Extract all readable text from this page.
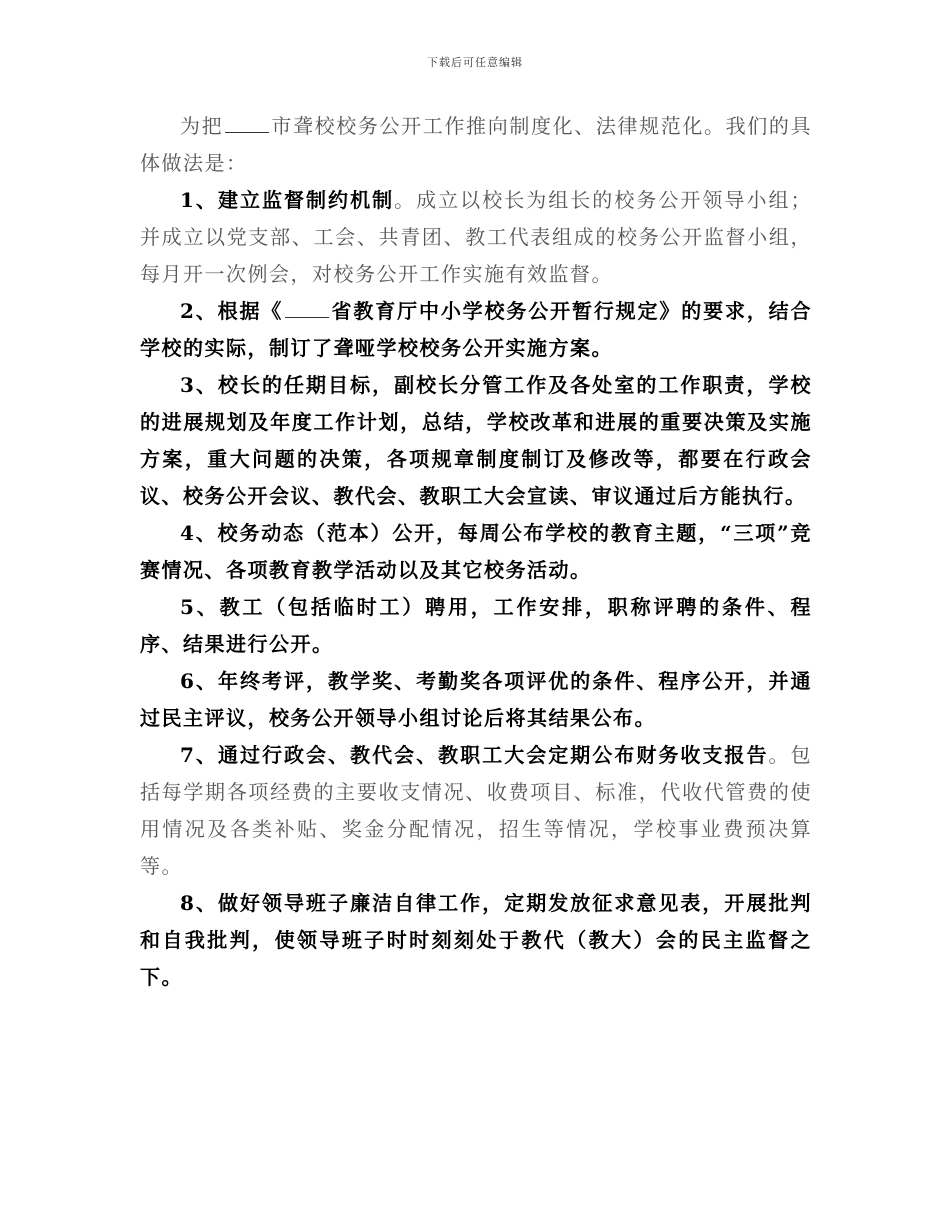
下载后可任意编辑

为把 市聋校校务公开工作推向制度化、法律规范化。我们的具体做法是：

1、建立监督制约机制。成立以校长为组长的校务公开领导小组；并成立以党支部、工会、共青团、教工代表组成的校务公开监督小组，每月开一次例会，对校务公开工作实施有效监督。

2、根据《 省教育厅中小学校务公开暂行规定》的要求，结合学校的实际，制订了聋哑学校校务公开实施方案。

3、校长的任期目标，副校长分管工作及各处室的工作职责，学校的进展规划及年度工作计划，总结，学校改革和进展的重要决策及实施方案，重大问题的决策，各项规章制度制订及修改等，都要在行政会议、校务公开会议、教代会、教职工大会宣读、审议通过后方能执行。

4、校务动态（范本）公开，每周公布学校的教育主题，“三项”竞赛情况、各项教育教学活动以及其它校务活动。

5、教工（包括临时工）聘用，工作安排，职称评聘的条件、程序、结果进行公开。

6、年终考评，教学奖、考勤奖各项评优的条件、程序公开，并通过民主评议，校务公开领导小组讨论后将其结果公布。

7、通过行政会、教代会、教职工大会定期公布财务收支报告。包括每学期各项经费的主要收支情况、收费项目、标准，代收代管费的使用情况及各类补贴、奖金分配情况，招生等情况，学校事业费预决算等。

8、做好领导班子廉洁自律工作，定期发放征求意见表，开展批判和自我批判，使领导班子时时刻刻处于教代（教大）会的民主监督之下。
